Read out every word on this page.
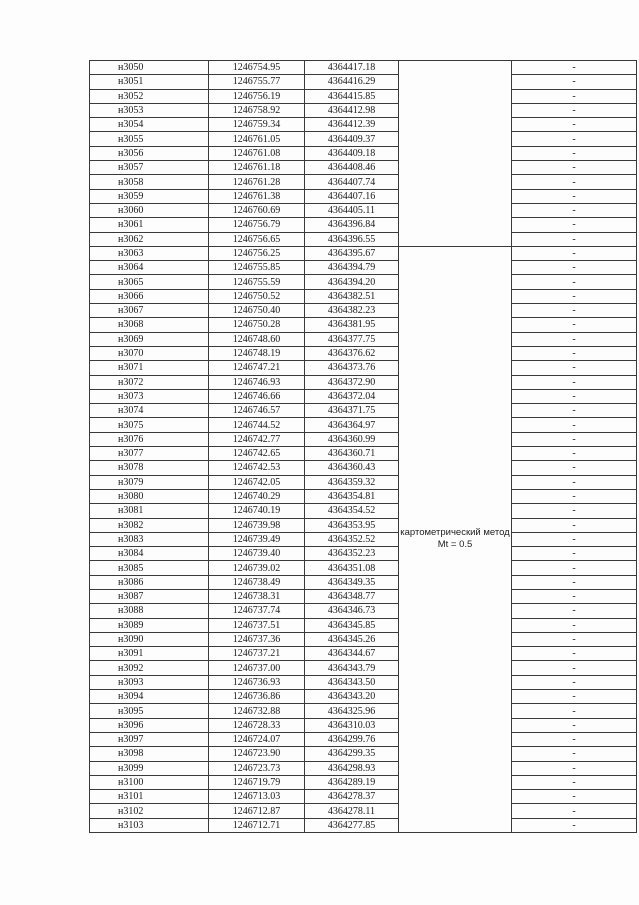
н3050	1246754.95	4364417.18		-
н3051	1246755.77	4364416.29		-
н3052	1246756.19	4364415.85		-
н3053	1246758.92	4364412.98		-
н3054	1246759.34	4364412.39		-
н3055	1246761.05	4364409.37		-
н3056	1246761.08	4364409.18		-
н3057	1246761.18	4364408.46		-
н3058	1246761.28	4364407.74		-
н3059	1246761.38	4364407.16		-
н3060	1246760.69	4364405.11		-
н3061	1246756.79	4364396.84		-
н3062	1246756.65	4364396.55		-
н3063	1246756.25	4364395.67	картометрический метод Mt = 0.5	-
н3064	1246755.85	4364394.79		-
н3065	1246755.59	4364394.20		-
н3066	1246750.52	4364382.51		-
н3067	1246750.40	4364382.23		-
н3068	1246750.28	4364381.95		-
н3069	1246748.60	4364377.75		-
н3070	1246748.19	4364376.62		-
н3071	1246747.21	4364373.76		-
н3072	1246746.93	4364372.90		-
н3073	1246746.66	4364372.04		-
н3074	1246746.57	4364371.75		-
н3075	1246744.52	4364364.97		-
н3076	1246742.77	4364360.99		-
н3077	1246742.65	4364360.71		-
н3078	1246742.53	4364360.43		-
н3079	1246742.05	4364359.32		-
н3080	1246740.29	4364354.81		-
н3081	1246740.19	4364354.52		-
н3082	1246739.98	4364353.95		-
н3083	1246739.49	4364352.52		-
н3084	1246739.40	4364352.23		-
н3085	1246739.02	4364351.08		-
н3086	1246738.49	4364349.35		-
н3087	1246738.31	4364348.77		-
н3088	1246737.74	4364346.73		-
н3089	1246737.51	4364345.85		-
н3090	1246737.36	4364345.26		-
н3091	1246737.21	4364344.67		-
н3092	1246737.00	4364343.79		-
н3093	1246736.93	4364343.50		-
н3094	1246736.86	4364343.20		-
н3095	1246732.88	4364325.96		-
н3096	1246728.33	4364310.03		-
н3097	1246724.07	4364299.76		-
н3098	1246723.90	4364299.35		-
н3099	1246723.73	4364298.93		-
н3100	1246719.79	4364289.19		-
н3101	1246713.03	4364278.37		-
н3102	1246712.87	4364278.11		-
н3103	1246712.71	4364277.85		-
